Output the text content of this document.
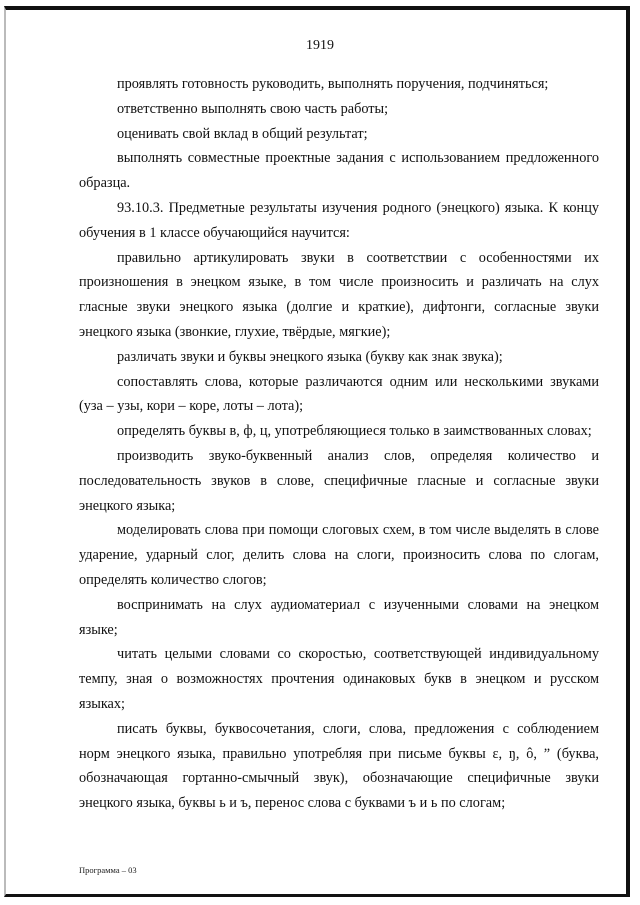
1919

проявлять готовность руководить, выполнять поручения, подчиняться;

ответственно выполнять свою часть работы;

оценивать свой вклад в общий результат;

выполнять совместные проектные задания с использованием предложенного образца.

93.10.3. Предметные результаты изучения родного (энецкого) языка. К концу обучения в 1 классе обучающийся научится:

правильно артикулировать звуки в соответствии с особенностями их произношения в энецком языке, в том числе произносить и различать на слух гласные звуки энецкого языка (долгие и краткие), дифтонги, согласные звуки энецкого языка (звонкие, глухие, твёрдые, мягкие);

различать звуки и буквы энецкого языка (букву как знак звука);

сопоставлять слова, которые различаются одним или несколькими звуками (уза – узы, кори – коре, лоты – лота);

определять буквы в, ф, ц, употребляющиеся только в заимствованных словах;

производить звуко-буквенный анализ слов, определяя количество и последовательность звуков в слове, специфичные гласные и согласные звуки энецкого языка;

моделировать слова при помощи слоговых схем, в том числе выделять в слове ударение, ударный слог, делить слова на слоги, произносить слова по слогам, определять количество слогов;

воспринимать на слух аудиоматериал с изученными словами на энецком языке;

читать целыми словами со скоростью, соответствующей индивидуальному темпу, зная о возможностях прочтения одинаковых букв в энецком и русском языках;

писать буквы, буквосочетания, слоги, слова, предложения с соблюдением норм энецкого языка, правильно употребляя при письме буквы ε, ŋ, ô, ” (буква, обозначающая гортанно-смычный звук), обозначающие специфичные звуки энецкого языка, буквы ь и ъ, перенос слова с буквами ъ и ь по слогам;

Программа – 03
